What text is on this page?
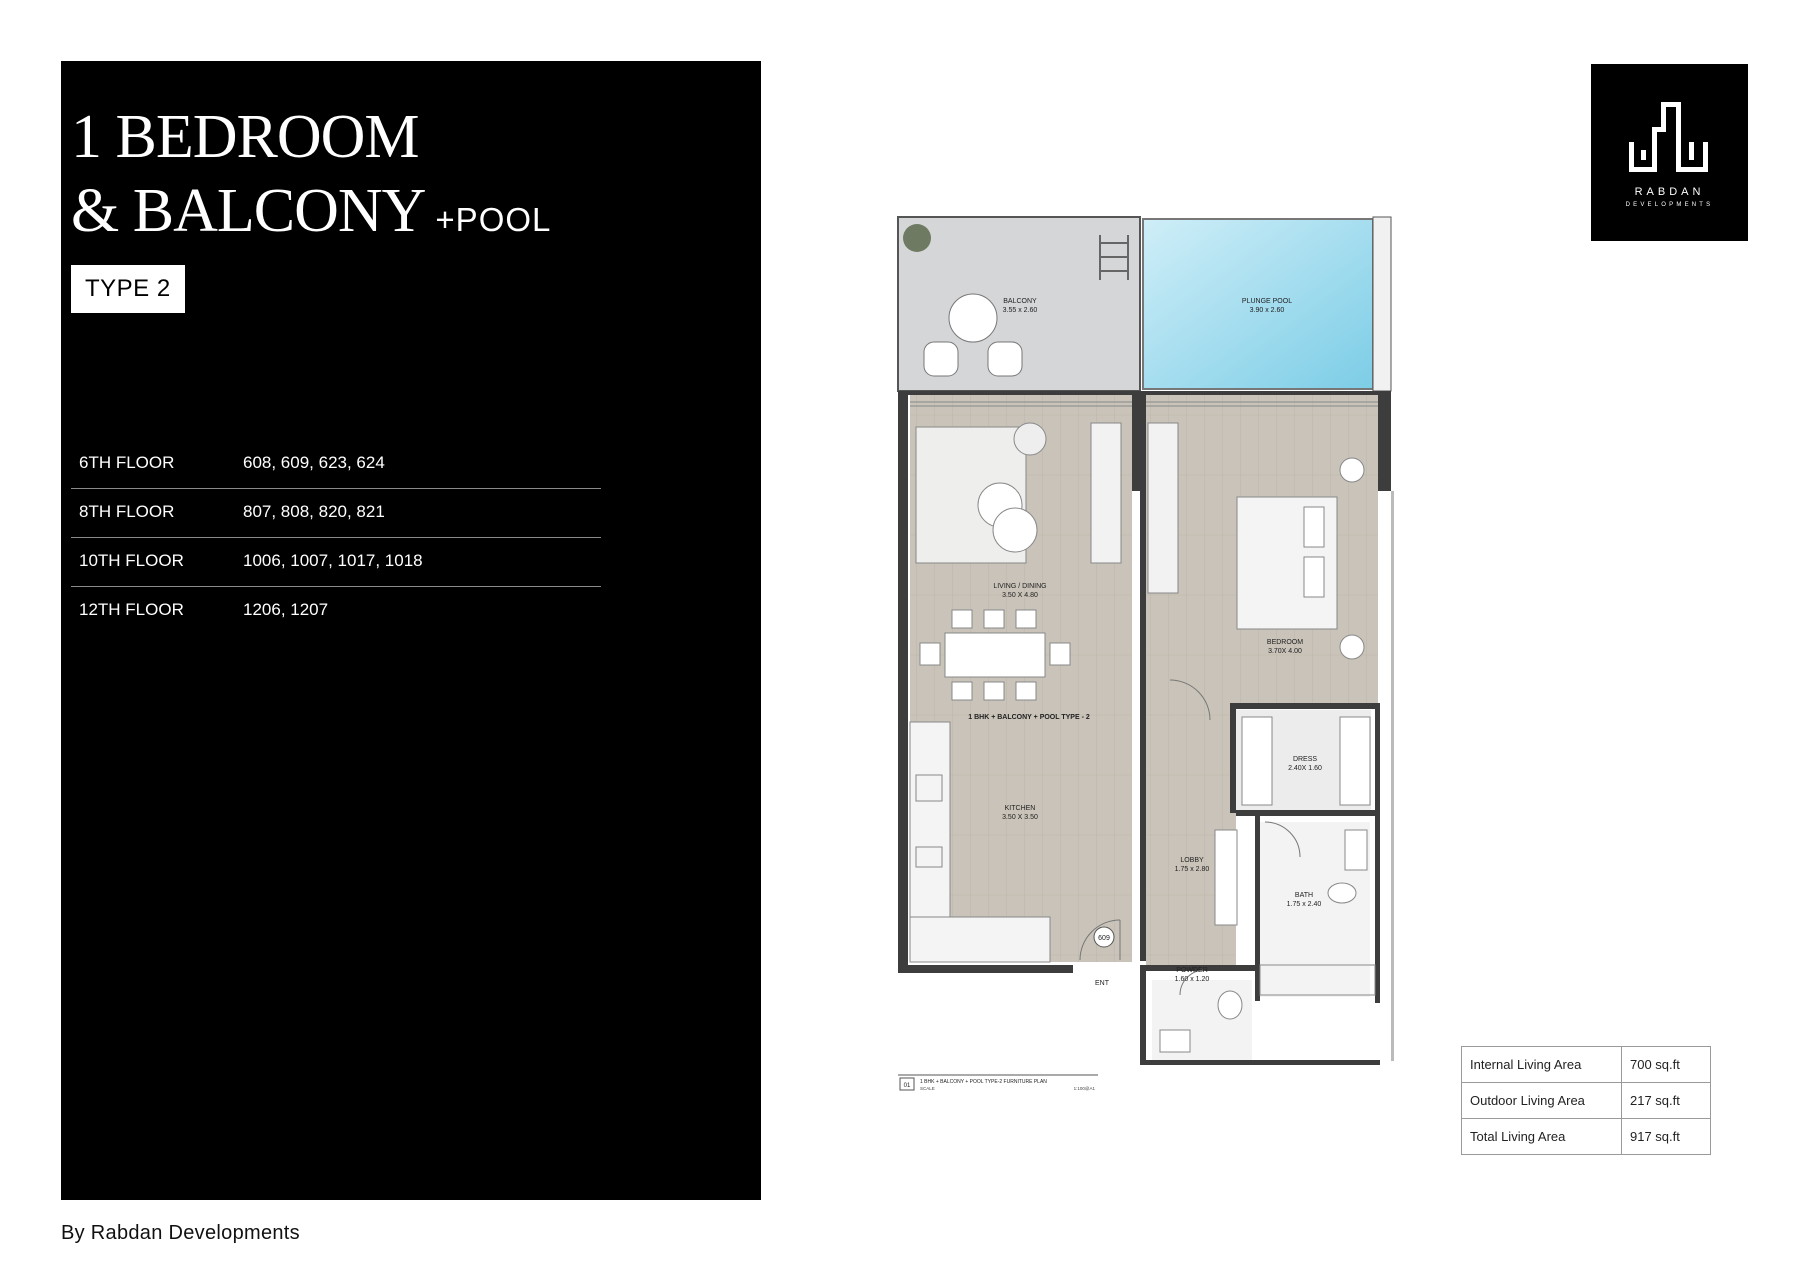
1 BEDROOM
& BALCONY +POOL
TYPE 2
6TH FLOOR	608, 609, 623, 624
8TH FLOOR	807, 808, 820, 821
10TH FLOOR	1006, 1007, 1017, 1018
12TH FLOOR	1206, 1207
By Rabdan Developments
RABDAN
DEVELOPMENTS
609
ENT
BALCONY
3.55 x 2.60
PLUNGE POOL
3.90 x 2.60
LIVING / DINING
3.50 X 4.80
BEDROOM
3.70X 4.00
1 BHK + BALCONY + POOL TYPE - 2
DRESS
2.40X 1.60
KITCHEN
3.50 X 3.50
LOBBY
1.75 x 2.80
BATH
1.75 x 2.40
POWDER
1.60 x 1.20
01
1 BHK + BALCONY + POOL TYPE-2 FURNITURE PLAN
SCALE	1:100@A1
Internal Living Area	700 sq.ft
Outdoor Living Area	217 sq.ft
Total Living Area	917 sq.ft
